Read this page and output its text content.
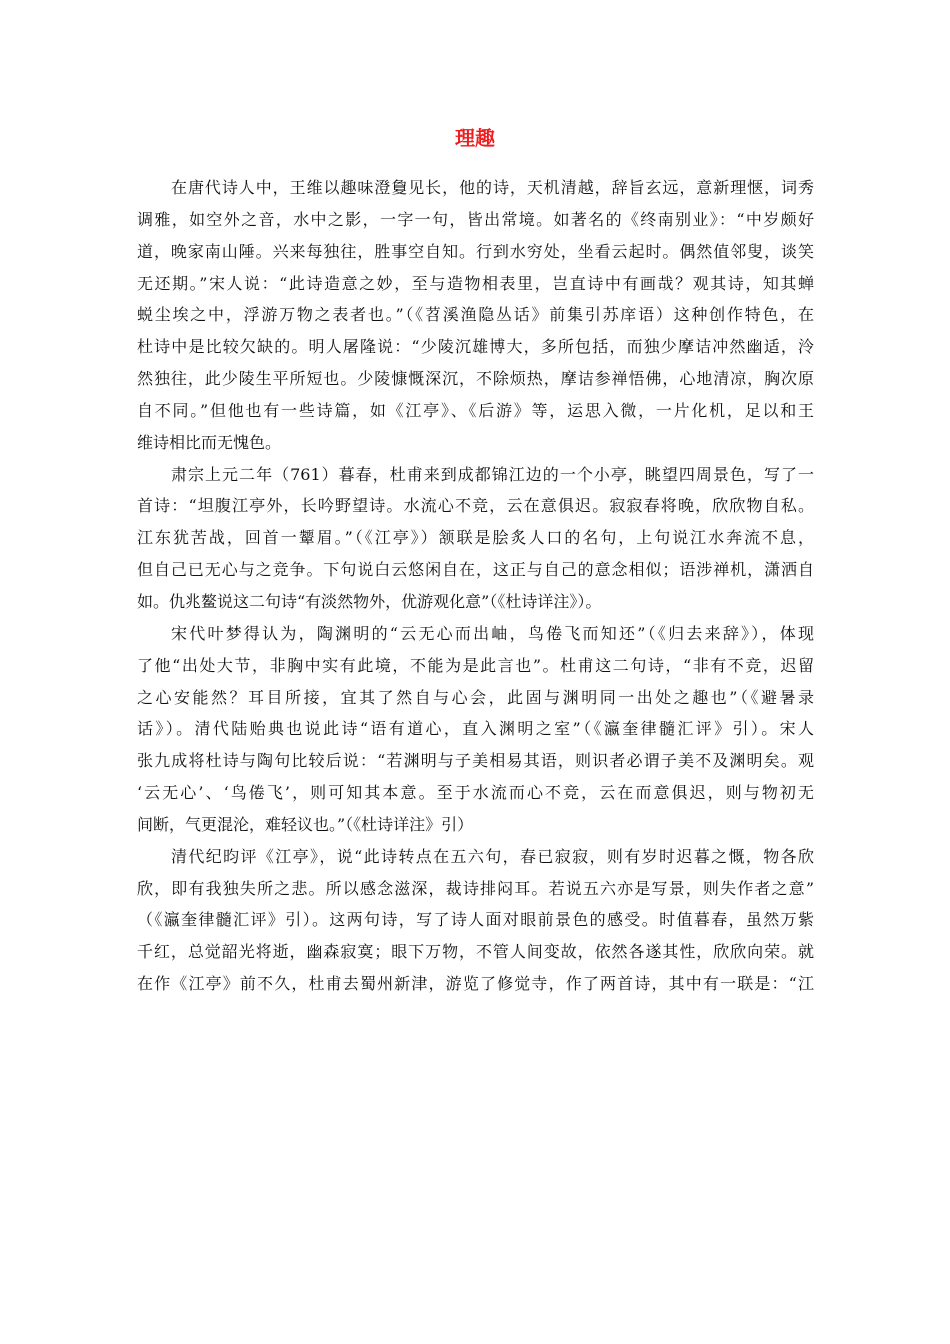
理趣
在唐代诗人中，王维以趣味澄敻见长，他的诗，天机清越，辞旨玄远，意新理惬，词秀
调雅，如空外之音，水中之影，一字一句，皆出常境。如著名的《终南别业》：“中岁颇好
道，晚家南山陲。兴来每独往，胜事空自知。行到水穷处，坐看云起时。偶然值邻叟，谈笑
无还期。”宋人说：“此诗造意之妙，至与造物相表里，岂直诗中有画哉？观其诗，知其蝉
蜕尘埃之中，浮游万物之表者也。”（《苕溪渔隐丛话》前集引苏庠语）这种创作特色，在
杜诗中是比较欠缺的。明人屠隆说：“少陵沉雄博大，多所包括，而独少摩诘冲然幽适，泠
然独往，此少陵生平所短也。少陵慷慨深沉，不除烦热，摩诘参禅悟佛，心地清凉，胸次原
自不同。”但他也有一些诗篇，如《江亭》、《后游》等，运思入微，一片化机，足以和王
维诗相比而无愧色。
肃宗上元二年（761）暮春，杜甫来到成都锦江边的一个小亭，眺望四周景色，写了一
首诗：“坦腹江亭外，长吟野望诗。水流心不竞，云在意俱迟。寂寂春将晚，欣欣物自私。
江东犹苦战，回首一颦眉。”（《江亭》）颔联是脍炙人口的名句，上句说江水奔流不息，
但自己已无心与之竞争。下句说白云悠闲自在，这正与自己的意念相似；语涉禅机，潇洒自
如。仇兆鳌说这二句诗“有淡然物外，优游观化意”（《杜诗详注》）。
宋代叶梦得认为，陶渊明的“云无心而出岫，鸟倦飞而知还”（《归去来辞》），体现
了他“出处大节，非胸中实有此境，不能为是此言也”。杜甫这二句诗，“非有不竞，迟留
之心安能然？耳目所接，宜其了然自与心会，此固与渊明同一出处之趣也”（《避暑录
话》）。清代陆贻典也说此诗“语有道心，直入渊明之室”（《瀛奎律髓汇评》引）。宋人
张九成将杜诗与陶句比较后说：“若渊明与子美相易其语，则识者必谓子美不及渊明矣。观
‘云无心’、‘鸟倦飞’，则可知其本意。至于水流而心不竞，云在而意俱迟，则与物初无
间断，气更混沦，难轻议也。”（《杜诗详注》引）
清代纪昀评《江亭》，说“此诗转点在五六句，春已寂寂，则有岁时迟暮之慨，物各欣
欣，即有我独失所之悲。所以感念滋深，裁诗排闷耳。若说五六亦是写景，则失作者之意”
（《瀛奎律髓汇评》引）。这两句诗，写了诗人面对眼前景色的感受。时值暮春，虽然万紫
千红，总觉韶光将逝，幽森寂寞；眼下万物，不管人间变故，依然各遂其性，欣欣向荣。就
在作《江亭》前不久，杜甫去蜀州新津，游览了修觉寺，作了两首诗，其中有一联是：“江
